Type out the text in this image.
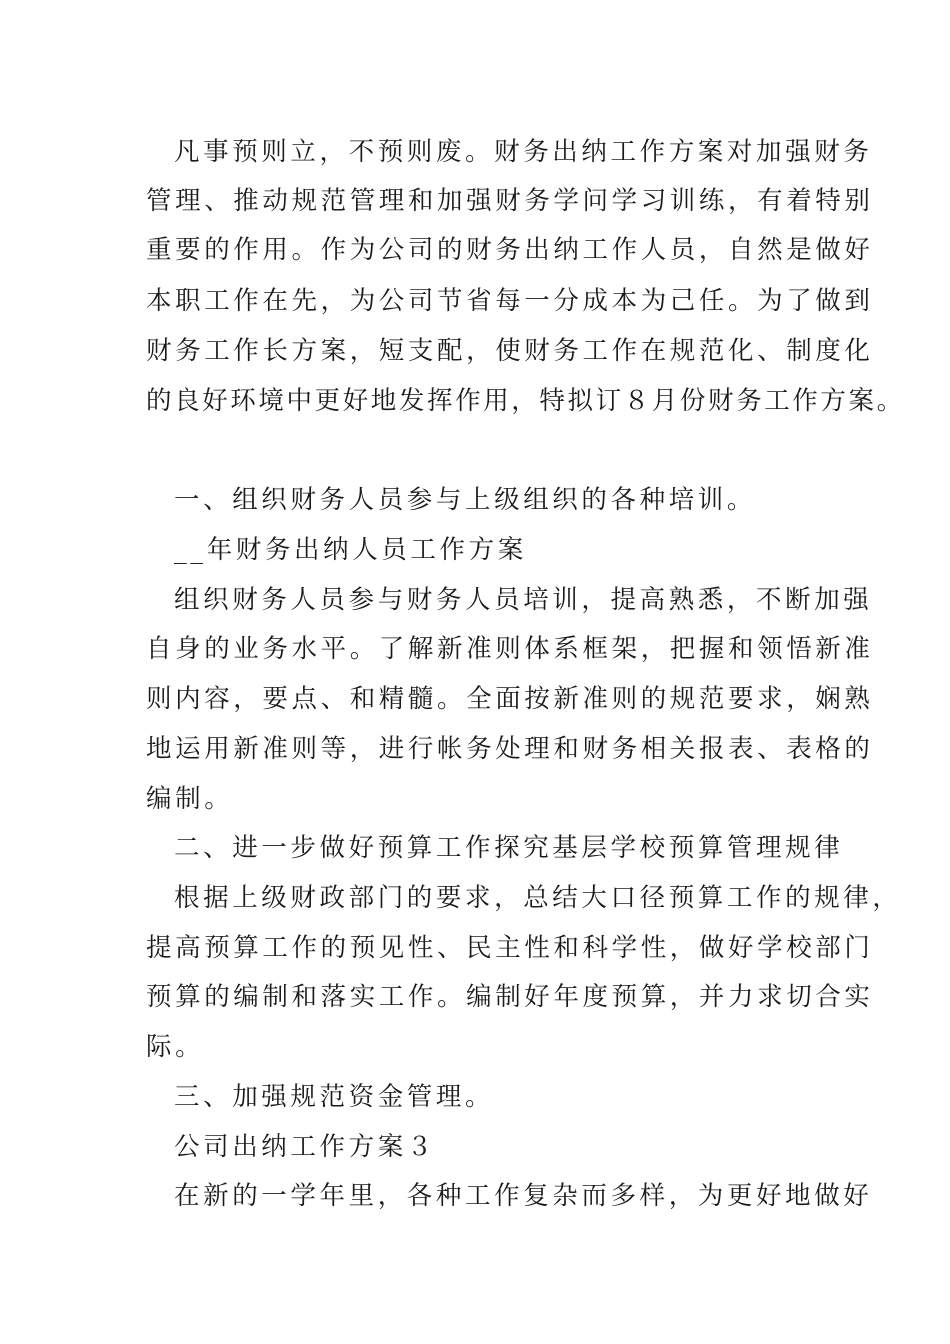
凡事预则立，不预则废。财务出纳工作方案对加强财务
管理、推动规范管理和加强财务学问学习训练，有着特别
重要的作用。作为公司的财务出纳工作人员，自然是做好
本职工作在先，为公司节省每一分成本为己任。为了做到
财务工作长方案，短支配，使财务工作在规范化、制度化
的良好环境中更好地发挥作用，特拟订８月份财务工作方案。
一、组织财务人员参与上级组织的各种培训。
__年财务出纳人员工作方案
组织财务人员参与财务人员培训，提高熟悉，不断加强
自身的业务水平。了解新准则体系框架，把握和领悟新准
则内容，要点、和精髓。全面按新准则的规范要求，娴熟
地运用新准则等，进行帐务处理和财务相关报表、表格的
编制。
二、进一步做好预算工作探究基层学校预算管理规律
根据上级财政部门的要求，总结大口径预算工作的规律，
提高预算工作的预见性、民主性和科学性，做好学校部门
预算的编制和落实工作。编制好年度预算，并力求切合实
际。
三、加强规范资金管理。
公司出纳工作方案３
在新的一学年里，各种工作复杂而多样，为更好地做好
